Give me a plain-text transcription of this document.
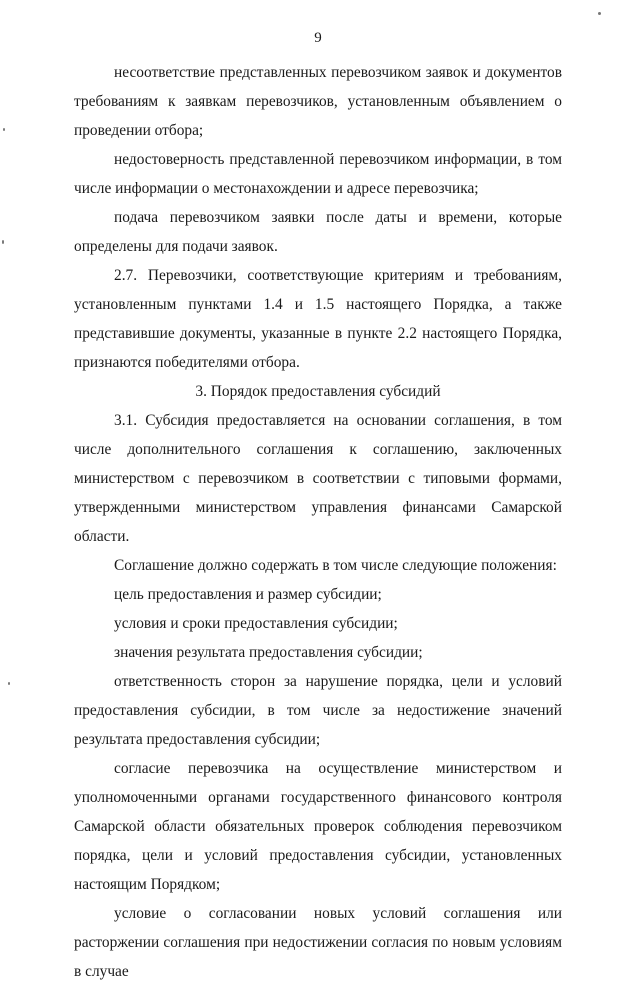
9

несоответствие представленных перевозчиком заявок и документов требованиям к заявкам перевозчиков, установленным объявлением о проведении отбора;

недостоверность представленной перевозчиком информации, в том числе информации о местонахождении и адресе перевозчика;

подача перевозчиком заявки после даты и времени, которые определены для подачи заявок.

2.7. Перевозчики, соответствующие критериям и требованиям, установленным пунктами 1.4 и 1.5 настоящего Порядка, а также представившие документы, указанные в пункте 2.2 настоящего Порядка, признаются победителями отбора.

3. Порядок предоставления субсидий

3.1. Субсидия предоставляется на основании соглашения, в том числе дополнительного соглашения к соглашению, заключенных министерством с перевозчиком в соответствии с типовыми формами, утвержденными министерством управления финансами Самарской области.

Соглашение должно содержать в том числе следующие положения:

цель предоставления и размер субсидии;

условия и сроки предоставления субсидии;

значения результата предоставления субсидии;

ответственность сторон за нарушение порядка, цели и условий предоставления субсидии, в том числе за недостижение значений результата предоставления субсидии;

согласие перевозчика на осуществление министерством и уполномоченными органами государственного финансового контроля Самарской области обязательных проверок соблюдения перевозчиком порядка, цели и условий предоставления субсидии, установленных настоящим Порядком;

условие о согласовании новых условий соглашения или расторжении соглашения при недостижении согласия по новым условиям в случае
